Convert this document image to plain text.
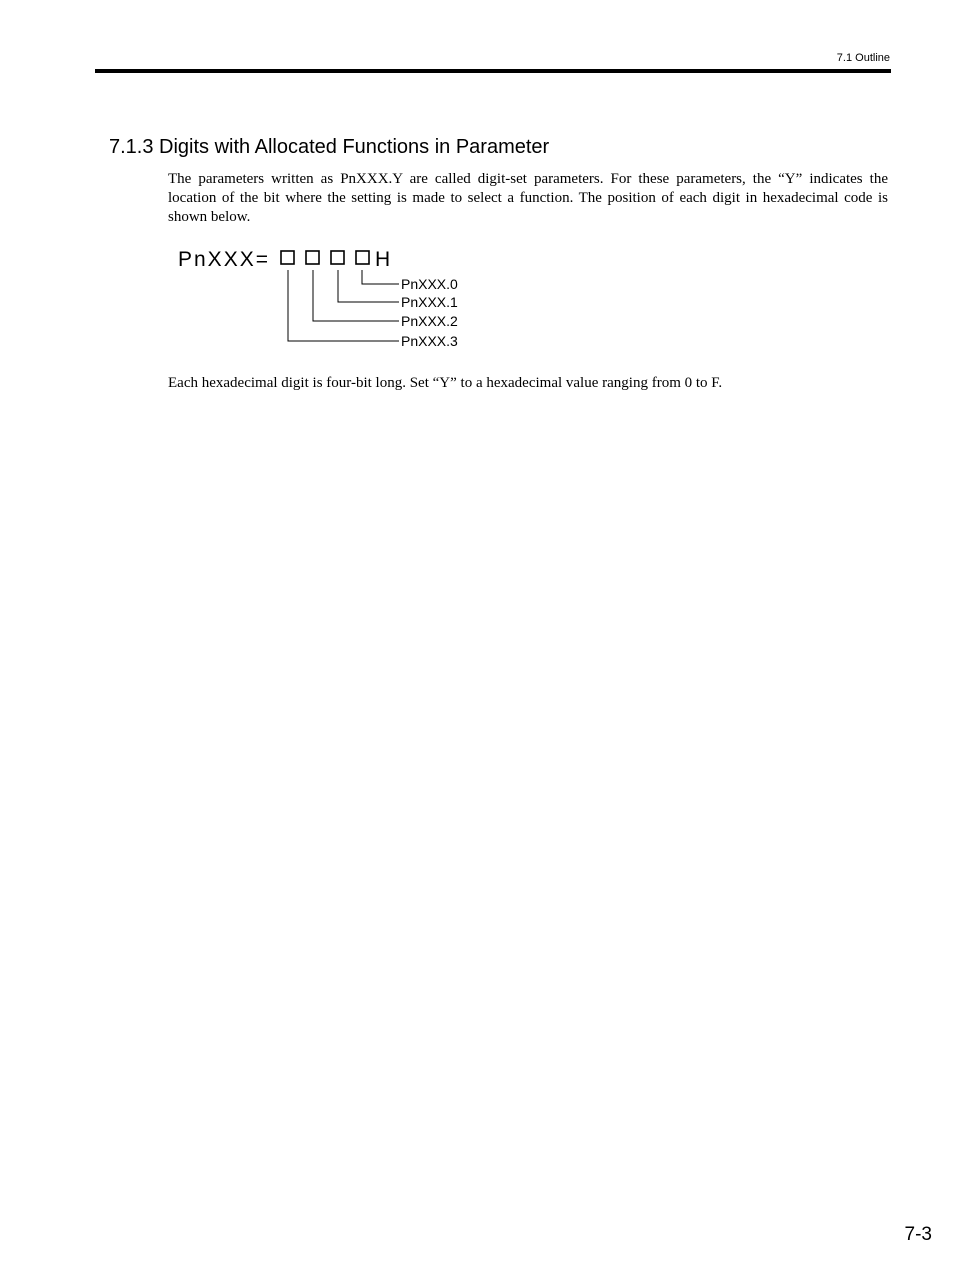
7.1 Outline
7.1.3 Digits with Allocated Functions in Parameter

The parameters written as PnXXX.Y are called digit-set parameters. For these parameters, the “Y” indicates the location of the bit where the setting is made to select a function. The position of each digit in hexadecimal code is shown below.

PnXXX=	H
PnXXX.0
PnXXX.1
PnXXX.2
PnXXX.3

Each hexadecimal digit is four-bit long. Set “Y” to a hexadecimal value ranging from 0 to F.

7-3
